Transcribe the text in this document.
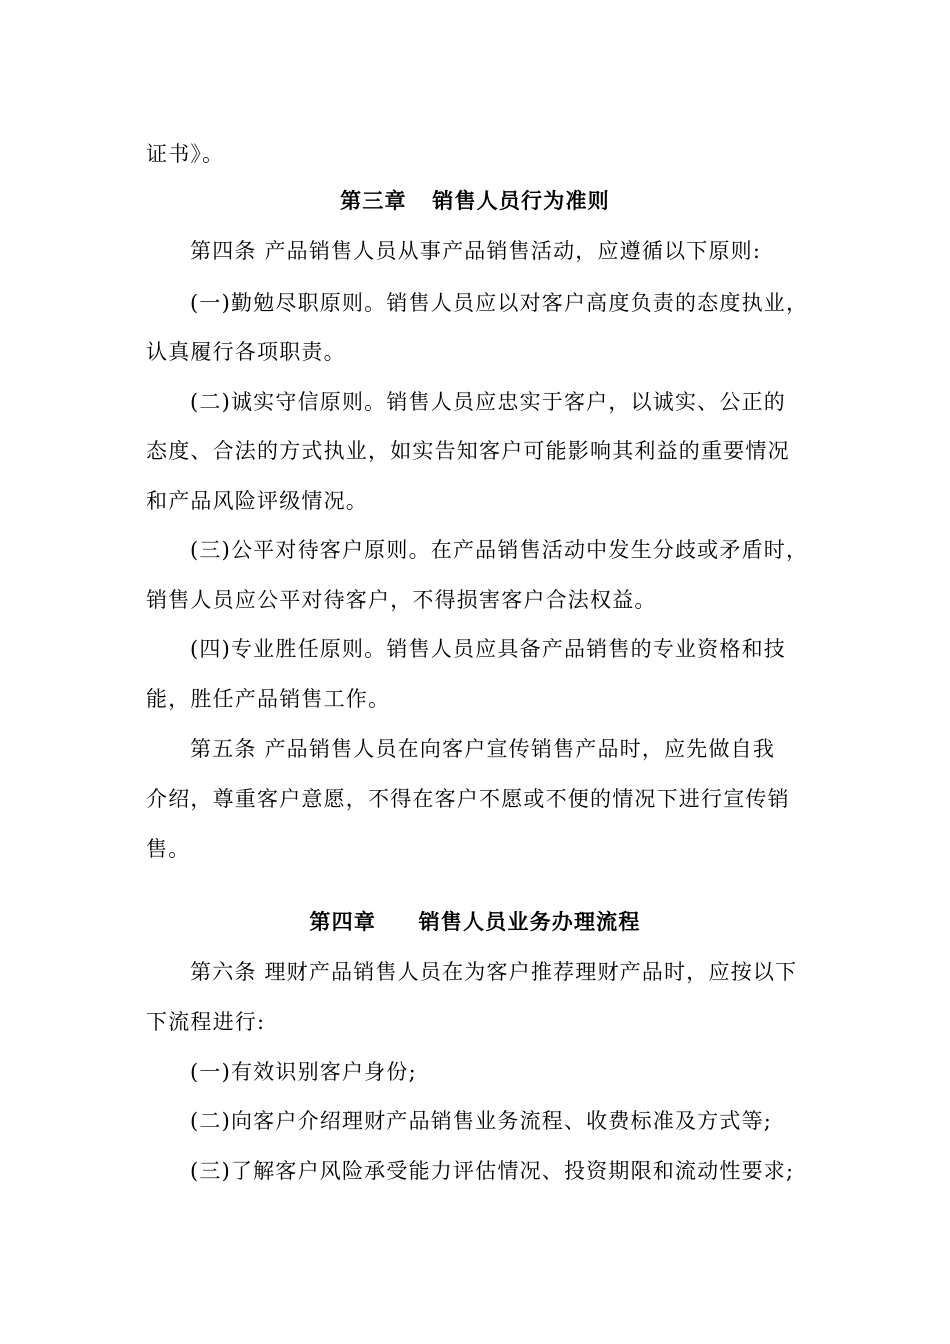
证书》。
第三章   销售人员行为准则
第四条 产品销售人员从事产品销售活动，应遵循以下原则:
(一)勤勉尽职原则。销售人员应以对客户高度负责的态度执业，
认真履行各项职责。
(二)诚实守信原则。销售人员应忠实于客户，以诚实、公正的
态度、合法的方式执业，如实告知客户可能影响其利益的重要情况
和产品风险评级情况。
(三)公平对待客户原则。在产品销售活动中发生分歧或矛盾时，
销售人员应公平对待客户，不得损害客户合法权益。
(四)专业胜任原则。销售人员应具备产品销售的专业资格和技
能，胜任产品销售工作。
第五条 产品销售人员在向客户宣传销售产品时，应先做自我
介绍，尊重客户意愿，不得在客户不愿或不便的情况下进行宣传销
售。
第四章     销售人员业务办理流程
第六条 理财产品销售人员在为客户推荐理财产品时，应按以下
下流程进行:
(一)有效识别客户身份;
(二)向客户介绍理财产品销售业务流程、收费标准及方式等;
(三)了解客户风险承受能力评估情况、投资期限和流动性要求;
